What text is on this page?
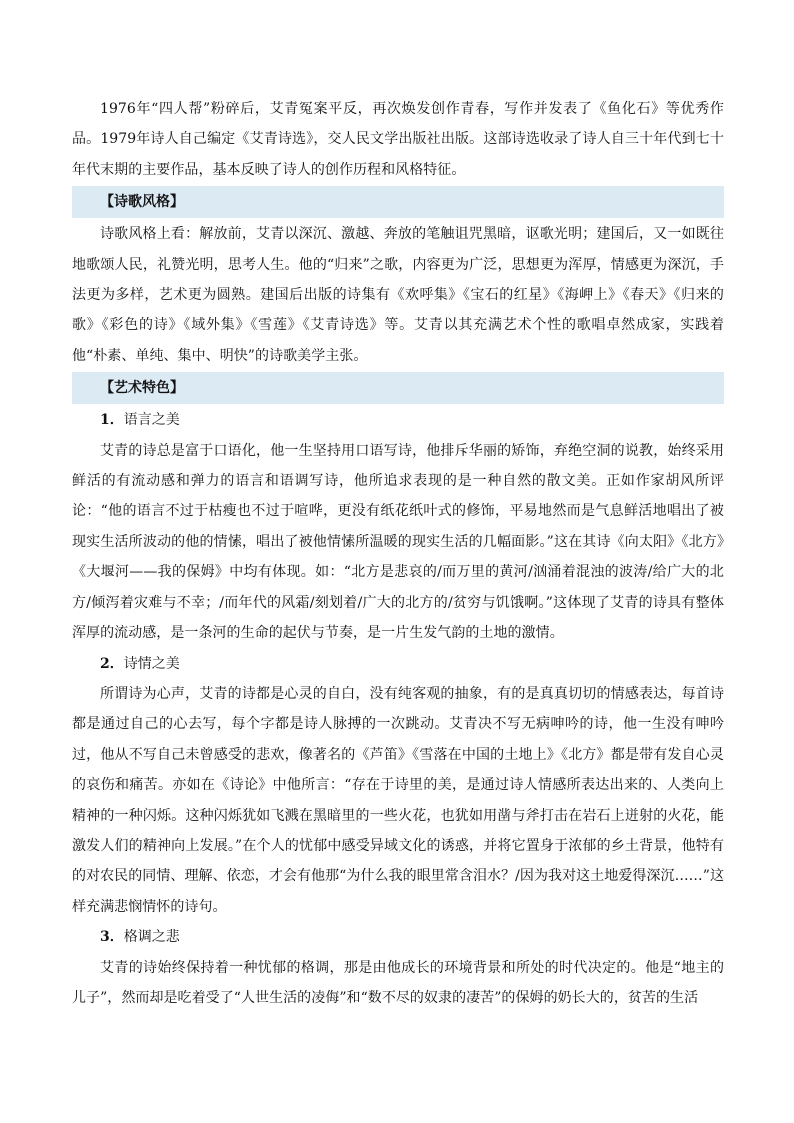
1976年“四人帮”粉碎后，艾青冤案平反，再次焕发创作青春，写作并发表了《鱼化石》等优秀作品。1979年诗人自己编定《艾青诗选》，交人民文学出版社出版。这部诗选收录了诗人自三十年代到七十年代末期的主要作品，基本反映了诗人的创作历程和风格特征。

【诗歌风格】

诗歌风格上看：解放前，艾青以深沉、激越、奔放的笔触诅咒黑暗，讴歌光明；建国后，又一如既往地歌颂人民，礼赞光明，思考人生。他的“归来”之歌，内容更为广泛，思想更为浑厚，情感更为深沉，手法更为多样，艺术更为圆熟。建国后出版的诗集有《欢呼集》《宝石的红星》《海岬上》《春天》《归来的歌》《彩色的诗》《域外集》《雪莲》《艾青诗选》等。艾青以其充满艺术个性的歌唱卓然成家，实践着他“朴素、单纯、集中、明快”的诗歌美学主张。

【艺术特色】

1．语言之美

艾青的诗总是富于口语化，他一生坚持用口语写诗，他排斥华丽的矫饰，弃绝空洞的说教，始终采用鲜活的有流动感和弹力的语言和语调写诗，他所追求表现的是一种自然的散文美。正如作家胡风所评论：“他的语言不过于枯瘦也不过于喧哗，更没有纸花纸叶式的修饰，平易地然而是气息鲜活地唱出了被现实生活所波动的他的情愫，唱出了被他情愫所温暖的现实生活的几幅面影。”这在其诗《向太阳》《北方》《大堰河——我的保姆》中均有体现。如：“北方是悲哀的/而万里的黄河/汹涌着混浊的波涛/给广大的北方/倾泻着灾难与不幸；/而年代的风霜/刻划着/广大的北方的/贫穷与饥饿啊。”这体现了艾青的诗具有整体浑厚的流动感，是一条河的生命的起伏与节奏，是一片生发气韵的土地的激情。

2．诗情之美

所谓诗为心声，艾青的诗都是心灵的自白，没有纯客观的抽象，有的是真真切切的情感表达，每首诗都是通过自己的心去写，每个字都是诗人脉搏的一次跳动。艾青决不写无病呻吟的诗，他一生没有呻吟过，他从不写自己未曾感受的悲欢，像著名的《芦笛》《雪落在中国的土地上》《北方》都是带有发自心灵的哀伤和痛苦。亦如在《诗论》中他所言：“存在于诗里的美，是通过诗人情感所表达出来的、人类向上精神的一种闪烁。这种闪烁犹如飞溅在黑暗里的一些火花，也犹如用凿与斧打击在岩石上迸射的火花，能激发人们的精神向上发展。”在个人的忧郁中感受异域文化的诱惑，并将它置身于浓郁的乡土背景，他特有的对农民的同情、理解、依恋，才会有他那“为什么我的眼里常含泪水？/因为我对这土地爱得深沉……”这样充满悲悯情怀的诗句。

3．格调之悲

艾青的诗始终保持着一种忧郁的格调，那是由他成长的环境背景和所处的时代决定的。他是“地主的儿子”，然而却是吃着受了“人世生活的凌侮”和“数不尽的奴隶的凄苦”的保姆的奶长大的，贫苦的生活
